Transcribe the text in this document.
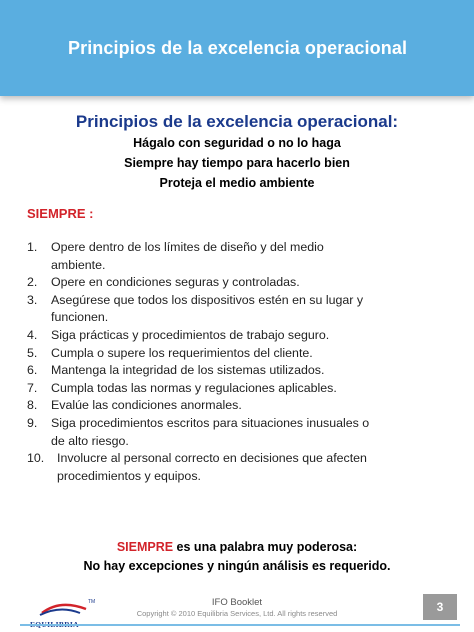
Principios de la excelencia operacional
Principios de la excelencia operacional:
Hágalo con seguridad o no lo haga
Siempre hay tiempo para hacerlo bien
Proteja el medio ambiente
SIEMPRE :
1. Opere dentro de los límites de diseño y del medio
ambiente.
2. Opere en condiciones seguras y controladas.
3. Asegúrese que todos los dispositivos estén en su lugar y
funcionen.
4. Siga prácticas y procedimientos de trabajo seguro.
5. Cumpla o supere los requerimientos del cliente.
6. Mantenga la integridad de los sistemas utilizados.
7. Cumpla todas las normas y regulaciones aplicables.
8. Evalúe las condiciones anormales.
9. Siga procedimientos escritos para situaciones inusuales o
de alto riesgo.
10. Involucre al personal correcto en decisiones que afecten
procedimientos y equipos.
SIEMPRE es una palabra muy poderosa:
No hay excepciones y ningún análisis es requerido.
TM	IFO Booklet
Copyright © 2010 Equilibria Services, Ltd. All rights reserved	3
